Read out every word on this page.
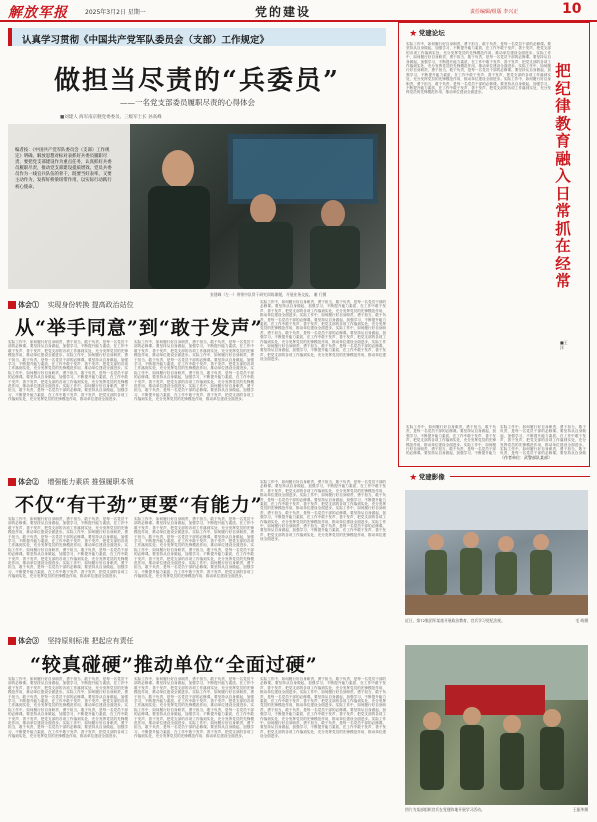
解放军报	2025年3月2日 星期一	党的建设	责任编辑/组版 李兴正	10
认真学习贯彻《中国共产党军队委员会（支部）工作规定》
做担当尽责的“兵委员”
——一名党支部委员履职尽责的心得体会
■刘建人 海军南京舰党委委员、三级军士长 孙高峰
编者按：《中国共产党军队委员会（支部）工作规定》明确，解放思想对标对表抓好兵委员履职尽责，要把党支部建设作为重点任务，认真抓好兵委员履职尽责，推动党支部建设提质增效。党员兵委员作为一线官兵队伍的骨干，既要当好表率，又要主动作为，发挥好桥梁纽带作用，以实际行动践行初心使命。
张建峰（左一）带领中队骨干研究训练课题，开展业务交流。 谢 行摄
体会① 实现身份转换 提高政治站位
从“举手同意”到“敢于发声”
实际工作中，如何履行好自身职责，勇于担当，敢于负责，是每一名党员干部的必修课。要坚持从自身做起，加强学习，不断提升能力素质，在工作中敢于发声、善于发声，把党支部的各项工作落到实处，充分发挥党员的先锋模范作用，推动单位建设全面进步。实际工作中，如何履行好自身职责，勇于担当，敢于负责，是每一名党员干部的必修课。要坚持从自身做起，加强学习，不断提升能力素质，在工作中敢于发声、善于发声，把党支部的各项工作落到实处，充分发挥党员的先锋模范作用，推动单位建设全面进步。实际工作中，如何履行好自身职责，勇于担当，敢于负责，是每一名党员干部的必修课。要坚持从自身做起，加强学习，不断提升能力素质，在工作中敢于发声、善于发声，把党支部的各项工作落到实处，充分发挥党员的先锋模范作用，推动单位建设全面进步。实际工作中，如何履行好自身职责，勇于担当，敢于负责，是每一名党员干部的必修课。要坚持从自身做起，加强学习，不断提升能力素质，在工作中敢于发声、善于发声，把党支部的各项工作落到实处，充分发挥党员的先锋模范作用，推动单位建设全面进步。
实际工作中，如何履行好自身职责，勇于担当，敢于负责，是每一名党员干部的必修课。要坚持从自身做起，加强学习，不断提升能力素质，在工作中敢于发声、善于发声，把党支部的各项工作落到实处，充分发挥党员的先锋模范作用，推动单位建设全面进步。实际工作中，如何履行好自身职责，勇于担当，敢于负责，是每一名党员干部的必修课。要坚持从自身做起，加强学习，不断提升能力素质，在工作中敢于发声、善于发声，把党支部的各项工作落到实处，充分发挥党员的先锋模范作用，推动单位建设全面进步。实际工作中，如何履行好自身职责，勇于担当，敢于负责，是每一名党员干部的必修课。要坚持从自身做起，加强学习，不断提升能力素质，在工作中敢于发声、善于发声，把党支部的各项工作落到实处，充分发挥党员的先锋模范作用，推动单位建设全面进步。实际工作中，如何履行好自身职责，勇于担当，敢于负责，是每一名党员干部的必修课。要坚持从自身做起，加强学习，不断提升能力素质，在工作中敢于发声、善于发声，把党支部的各项工作落到实处，充分发挥党员的先锋模范作用，推动单位建设全面进步。
实际工作中，如何履行好自身职责，勇于担当，敢于负责，是每一名党员干部的必修课。要坚持从自身做起，加强学习，不断提升能力素质，在工作中敢于发声、善于发声，把党支部的各项工作落到实处，充分发挥党员的先锋模范作用，推动单位建设全面进步。实际工作中，如何履行好自身职责，勇于担当，敢于负责，是每一名党员干部的必修课。要坚持从自身做起，加强学习，不断提升能力素质，在工作中敢于发声、善于发声，把党支部的各项工作落到实处，充分发挥党员的先锋模范作用，推动单位建设全面进步。实际工作中，如何履行好自身职责，勇于担当，敢于负责，是每一名党员干部的必修课。要坚持从自身做起，加强学习，不断提升能力素质，在工作中敢于发声、善于发声，把党支部的各项工作落到实处，充分发挥党员的先锋模范作用，推动单位建设全面进步。实际工作中，如何履行好自身职责，勇于担当，敢于负责，是每一名党员干部的必修课。要坚持从自身做起，加强学习，不断提升能力素质，在工作中敢于发声、善于发声，把党支部的各项工作落到实处，充分发挥党员的先锋模范作用，推动单位建设全面进步。
体会② 增强能力素质 推强履职本领
不仅“有干劲”更要“有能力”
实际工作中，如何履行好自身职责，勇于担当，敢于负责，是每一名党员干部的必修课。要坚持从自身做起，加强学习，不断提升能力素质，在工作中敢于发声、善于发声，把党支部的各项工作落到实处，充分发挥党员的先锋模范作用，推动单位建设全面进步。实际工作中，如何履行好自身职责，勇于担当，敢于负责，是每一名党员干部的必修课。要坚持从自身做起，加强学习，不断提升能力素质，在工作中敢于发声、善于发声，把党支部的各项工作落到实处，充分发挥党员的先锋模范作用，推动单位建设全面进步。实际工作中，如何履行好自身职责，勇于担当，敢于负责，是每一名党员干部的必修课。要坚持从自身做起，加强学习，不断提升能力素质，在工作中敢于发声、善于发声，把党支部的各项工作落到实处，充分发挥党员的先锋模范作用，推动单位建设全面进步。实际工作中，如何履行好自身职责，勇于担当，敢于负责，是每一名党员干部的必修课。要坚持从自身做起，加强学习，不断提升能力素质，在工作中敢于发声、善于发声，把党支部的各项工作落到实处，充分发挥党员的先锋模范作用，推动单位建设全面进步。
实际工作中，如何履行好自身职责，勇于担当，敢于负责，是每一名党员干部的必修课。要坚持从自身做起，加强学习，不断提升能力素质，在工作中敢于发声、善于发声，把党支部的各项工作落到实处，充分发挥党员的先锋模范作用，推动单位建设全面进步。实际工作中，如何履行好自身职责，勇于担当，敢于负责，是每一名党员干部的必修课。要坚持从自身做起，加强学习，不断提升能力素质，在工作中敢于发声、善于发声，把党支部的各项工作落到实处，充分发挥党员的先锋模范作用，推动单位建设全面进步。实际工作中，如何履行好自身职责，勇于担当，敢于负责，是每一名党员干部的必修课。要坚持从自身做起，加强学习，不断提升能力素质，在工作中敢于发声、善于发声，把党支部的各项工作落到实处，充分发挥党员的先锋模范作用，推动单位建设全面进步。实际工作中，如何履行好自身职责，勇于担当，敢于负责，是每一名党员干部的必修课。要坚持从自身做起，加强学习，不断提升能力素质，在工作中敢于发声、善于发声，把党支部的各项工作落到实处，充分发挥党员的先锋模范作用，推动单位建设全面进步。
实际工作中，如何履行好自身职责，勇于担当，敢于负责，是每一名党员干部的必修课。要坚持从自身做起，加强学习，不断提升能力素质，在工作中敢于发声、善于发声，把党支部的各项工作落到实处，充分发挥党员的先锋模范作用，推动单位建设全面进步。实际工作中，如何履行好自身职责，勇于担当，敢于负责，是每一名党员干部的必修课。要坚持从自身做起，加强学习，不断提升能力素质，在工作中敢于发声、善于发声，把党支部的各项工作落到实处，充分发挥党员的先锋模范作用，推动单位建设全面进步。实际工作中，如何履行好自身职责，勇于担当，敢于负责，是每一名党员干部的必修课。要坚持从自身做起，加强学习，不断提升能力素质，在工作中敢于发声、善于发声，把党支部的各项工作落到实处，充分发挥党员的先锋模范作用，推动单位建设全面进步。实际工作中，如何履行好自身职责，勇于担当，敢于负责，是每一名党员干部的必修课。要坚持从自身做起，加强学习，不断提升能力素质，在工作中敢于发声、善于发声，把党支部的各项工作落到实处，充分发挥党员的先锋模范作用，推动单位建设全面进步。
体会③ 坚持原则标准 把起应有责任
“较真碰硬”推动单位“全面过硬”
实际工作中，如何履行好自身职责，勇于担当，敢于负责，是每一名党员干部的必修课。要坚持从自身做起，加强学习，不断提升能力素质，在工作中敢于发声、善于发声，把党支部的各项工作落到实处，充分发挥党员的先锋模范作用，推动单位建设全面进步。实际工作中，如何履行好自身职责，勇于担当，敢于负责，是每一名党员干部的必修课。要坚持从自身做起，加强学习，不断提升能力素质，在工作中敢于发声、善于发声，把党支部的各项工作落到实处，充分发挥党员的先锋模范作用，推动单位建设全面进步。实际工作中，如何履行好自身职责，勇于担当，敢于负责，是每一名党员干部的必修课。要坚持从自身做起，加强学习，不断提升能力素质，在工作中敢于发声、善于发声，把党支部的各项工作落到实处，充分发挥党员的先锋模范作用，推动单位建设全面进步。实际工作中，如何履行好自身职责，勇于担当，敢于负责，是每一名党员干部的必修课。要坚持从自身做起，加强学习，不断提升能力素质，在工作中敢于发声、善于发声，把党支部的各项工作落到实处，充分发挥党员的先锋模范作用，推动单位建设全面进步。
实际工作中，如何履行好自身职责，勇于担当，敢于负责，是每一名党员干部的必修课。要坚持从自身做起，加强学习，不断提升能力素质，在工作中敢于发声、善于发声，把党支部的各项工作落到实处，充分发挥党员的先锋模范作用，推动单位建设全面进步。实际工作中，如何履行好自身职责，勇于担当，敢于负责，是每一名党员干部的必修课。要坚持从自身做起，加强学习，不断提升能力素质，在工作中敢于发声、善于发声，把党支部的各项工作落到实处，充分发挥党员的先锋模范作用，推动单位建设全面进步。实际工作中，如何履行好自身职责，勇于担当，敢于负责，是每一名党员干部的必修课。要坚持从自身做起，加强学习，不断提升能力素质，在工作中敢于发声、善于发声，把党支部的各项工作落到实处，充分发挥党员的先锋模范作用，推动单位建设全面进步。实际工作中，如何履行好自身职责，勇于担当，敢于负责，是每一名党员干部的必修课。要坚持从自身做起，加强学习，不断提升能力素质，在工作中敢于发声、善于发声，把党支部的各项工作落到实处，充分发挥党员的先锋模范作用，推动单位建设全面进步。
实际工作中，如何履行好自身职责，勇于担当，敢于负责，是每一名党员干部的必修课。要坚持从自身做起，加强学习，不断提升能力素质，在工作中敢于发声、善于发声，把党支部的各项工作落到实处，充分发挥党员的先锋模范作用，推动单位建设全面进步。实际工作中，如何履行好自身职责，勇于担当，敢于负责，是每一名党员干部的必修课。要坚持从自身做起，加强学习，不断提升能力素质，在工作中敢于发声、善于发声，把党支部的各项工作落到实处，充分发挥党员的先锋模范作用，推动单位建设全面进步。实际工作中，如何履行好自身职责，勇于担当，敢于负责，是每一名党员干部的必修课。要坚持从自身做起，加强学习，不断提升能力素质，在工作中敢于发声、善于发声，把党支部的各项工作落到实处，充分发挥党员的先锋模范作用，推动单位建设全面进步。实际工作中，如何履行好自身职责，勇于担当，敢于负责，是每一名党员干部的必修课。要坚持从自身做起，加强学习，不断提升能力素质，在工作中敢于发声、善于发声，把党支部的各项工作落到实处，充分发挥党员的先锋模范作用，推动单位建设全面进步。
★ 党建论坛
实际工作中，如何履行好自身职责，勇于担当，敢于负责，是每一名党员干部的必修课。要坚持从自身做起，加强学习，不断提升能力素质，在工作中敢于发声、善于发声，把党支部的各项工作落到实处，充分发挥党员的先锋模范作用，推动单位建设全面进步。实际工作中，如何履行好自身职责，勇于担当，敢于负责，是每一名党员干部的必修课。要坚持从自身做起，加强学习，不断提升能力素质，在工作中敢于发声、善于发声，把党支部的各项工作落到实处，充分发挥党员的先锋模范作用，推动单位建设全面进步。实际工作中，如何履行好自身职责，勇于担当，敢于负责，是每一名党员干部的必修课。要坚持从自身做起，加强学习，不断提升能力素质，在工作中敢于发声、善于发声，把党支部的各项工作落到实处，充分发挥党员的先锋模范作用，推动单位建设全面进步。实际工作中，如何履行好自身职责，勇于担当，敢于负责，是每一名党员干部的必修课。要坚持从自身做起，加强学习，不断提升能力素质，在工作中敢于发声、善于发声，把党支部的各项工作落到实处，充分发挥党员的先锋模范作用，推动单位建设全面进步。
把纪律教育融入日常抓在经常
■王 洋
实际工作中，如何履行好自身职责，勇于担当，敢于负责，是每一名党员干部的必修课。要坚持从自身做起，加强学习，不断提升能力素质，在工作中敢于发声、善于发声，把党支部的各项工作落到实处，充分发挥党员的先锋模范作用，推动单位建设全面进步。实际工作中，如何履行好自身职责，勇于担当，敢于负责，是每一名党员干部的必修课。要坚持从自身做起，加强学习，不断提升能力
实际工作中，如何履行好自身职责，勇于担当，敢于负责，是每一名党员干部的必修课。要坚持从自身做起，加强学习，不断提升能力素质，在工作中敢于发声、善于发声，把党支部的各项工作落到实处，充分发挥党员的先锋模范作用，推动单位建设全面进步。实际工作中，如何履行好自身职责，勇于担当，敢于负责，是每一名党员干部的必修课。要坚持从自身做
（作者单位：武警部队某部）
★ 党建影像
近日，第72集团军某旅开展政治教育，官兵学习党纪法规。	毛 萌摄
图片为某部组织官兵在党建阵地开展学习活动。	王振华摄
